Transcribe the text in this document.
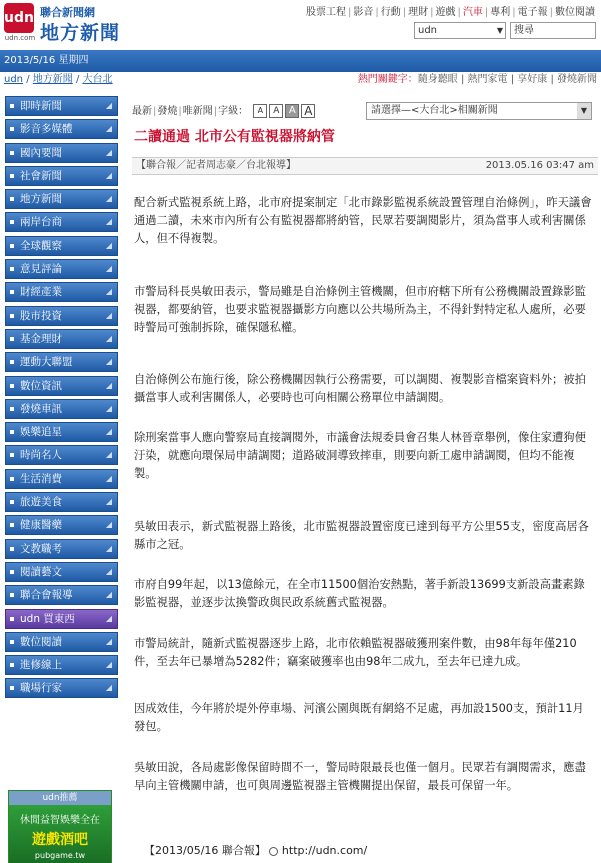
udn
udn.com
聯合新聞網
地方新聞
股票工程 | 影音 | 行動 | 理財 | 遊戲 | 汽車 | 專利 | 電子報 | 數位閱讀
udn	▼	搜尋
2013/5/16 星期四
udn / 地方新聞 / 大台北	熱門關鍵字：隨身聽眼 | 熱門家電 | 享好康 | 發燒新聞
即時新聞	◢
影音多媒體	◢
國內要聞	◢
社會新聞	◢
地方新聞	◢
兩岸台商	◢
全球觀察	◢
意見評論	◢
財經產業	◢
股市投資	◢
基金理財	◢
運動大聯盟	◢
數位資訊	◢
發燒車訊	◢
娛樂追星	◢
時尚名人	◢
生活消費	◢
旅遊美食	◢
健康醫藥	◢
文教職考	◢
閱讀藝文	◢
聯合會報導	◢
udn 買東西	◢
數位閱讀	◢
進修線上	◢
職場行家	◢
udn推薦
休閒益智娛樂全在
遊戲酒吧
pubgame.tw
最新|發燒|唯新聞|字級： A A A A	請選擇—<大台北>相關新聞	▼
二讀通過 北市公有監視器將納管
【聯合報／記者周志豪／台北報導】	2013.05.16 03:47 am
配合新式監視系統上路，北市府提案制定「北市錄影監視系統設置管理自治條例」，昨天議會通過二讀，未來市內所有公有監視器都將納管，民眾若要調閱影片，須為當事人或利害關係人，但不得複製。
市警局科長吳敏田表示，警局雖是自治條例主管機關，但市府轄下所有公務機關設置錄影監視器，都要納管，也要求監視器攝影方向應以公共場所為主，不得針對特定私人處所，必要時警局可強制拆除，確保隱私權。
自治條例公布施行後，除公務機關因執行公務需要，可以調閱、複製影音檔案資料外；被拍攝當事人或利害關係人，必要時也可向相關公務單位申請調閱。
除刑案當事人應向警察局直接調閱外，市議會法規委員會召集人林晉章舉例，像住家遭狗便汙染，就應向環保局申請調閱；道路破洞導致摔車，則要向新工處申請調閱，但均不能複製。
吳敏田表示，新式監視器上路後，北市監視器設置密度已達到每平方公里55支，密度高居各縣市之冠。
市府自99年起，以13億餘元，在全市11500個治安熱點，著手新設13699支新設高畫素錄影監視器，並逐步汰換警政與民政系統舊式監視器。
市警局統計，隨新式監視器逐步上路，北市依賴監視器破獲刑案件數，由98年每年僅210件，至去年已暴增為5282件；竊案破獲率也由98年二成九，至去年已達九成。
因成效佳，今年將於堤外停車場、河濱公園與既有網絡不足處，再加設1500支，預計11月發包。
吳敏田說，各局處影像保留時間不一，警局時限最長也僅一個月。民眾若有調閱需求，應盡早向主管機關申請，也可與周邊監視器主管機關提出保留，最長可保留一年。
【2013/05/16 聯合報】 http://udn.com/
